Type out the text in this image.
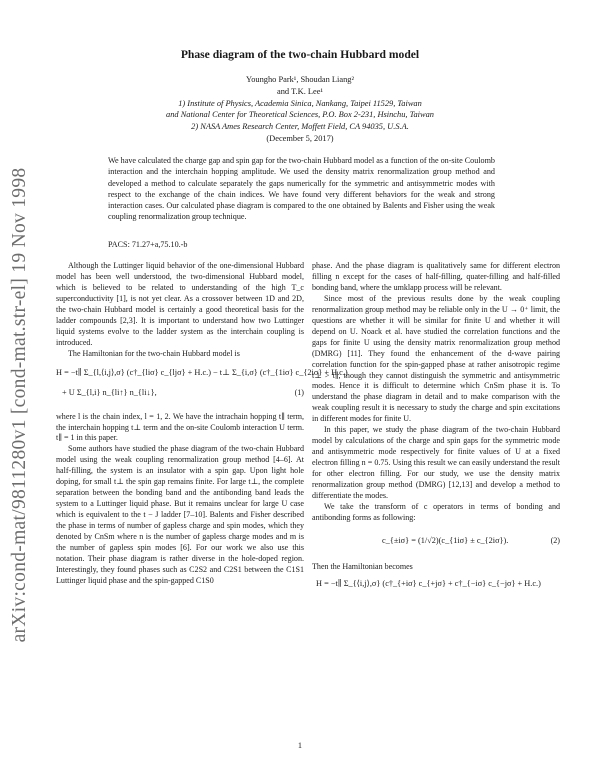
arXiv:cond-mat/9811280v1 [cond-mat.str-el] 19 Nov 1998
Phase diagram of the two-chain Hubbard model
Youngho Park¹, Shoudan Liang²
and T.K. Lee¹
1) Institute of Physics, Academia Sinica, Nankang, Taipei 11529, Taiwan
and National Center for Theoretical Sciences, P.O. Box 2-231, Hsinchu, Taiwan
2) NASA Ames Research Center, Moffett Field, CA 94035, U.S.A.
(December 5, 2017)
We have calculated the charge gap and spin gap for the two-chain Hubbard model as a function of the on-site Coulomb interaction and the interchain hopping amplitude. We used the density matrix renormalization group method and developed a method to calculate separately the gaps numerically for the symmetric and antisymmetric modes with respect to the exchange of the chain indices. We have found very different behaviors for the weak and strong interaction cases. Our calculated phase diagram is compared to the one obtained by Balents and Fisher using the weak coupling renormalization group technique.
PACS: 71.27+a,75.10.-b

Although the Luttinger liquid behavior of the one-dimensional Hubbard model has been well understood, the two-dimensional Hubbard model, which is believed to be related to understanding of the high T_c superconductivity [1], is not yet clear. As a crossover between 1D and 2D, the two-chain Hubbard model is certainly a good theoretical basis for the ladder compounds [2,3]. It is important to understand how two Luttinger liquid systems evolve to the ladder system as the interchain coupling is introduced.

The Hamiltonian for the two-chain Hubbard model is

H = −t∥ Σ_{l,⟨i,j⟩,σ} (c†_{liσ} c_{ljσ} + H.c.) − t⊥ Σ_{i,σ} (c†_{1iσ} c_{2iσ} + H.c.)
+ U Σ_{l,i} n_{li↑} n_{li↓},	(1)

where l is the chain index, l = 1, 2. We have the intrachain hopping t∥ term, the interchain hopping t⊥ term and the on-site Coulomb interaction U term. t∥ = 1 in this paper.

Some authors have studied the phase diagram of the two-chain Hubbard model using the weak coupling renormalization group method [4–6]. At half-filling, the system is an insulator with a spin gap. Upon light hole doping, for small t⊥ the spin gap remains finite. For large t⊥, the complete separation between the bonding band and the antibonding band leads the system to a Luttinger liquid phase. But it remains unclear for large U case which is equivalent to the t − J ladder [7–10]. Balents and Fisher described the phase in terms of number of gapless charge and spin modes, which they denoted by CnSm where n is the number of gapless charge modes and m is the number of gapless spin modes [6]. For our work we also use this notation. Their phase diagram is rather diverse in the hole-doped region. Interestingly, they found phases such as C2S2 and C2S1 between the C1S1 Luttinger liquid phase and the spin-gapped C1S0

phase. And the phase diagram is qualitatively same for different electron filling n except for the cases of half-filling, quater-filling and half-filled bonding band, where the umklapp process will be relevant.

Since most of the previous results done by the weak coupling renormalization group method may be reliable only in the U → 0⁺ limit, the questions are whether it will be similar for finite U and whether it will depend on U. Noack et al. have studied the correlation functions and the gaps for finite U using the density matrix renormalization group method (DMRG) [11]. They found the enhancement of the d-wave pairing correlation function for the spin-gapped phase at rather anisotropic regime t⊥ > t∥, though they cannot distinguish the symmetric and antisymmetric modes. Hence it is difficult to determine which CnSm phase it is. To understand the phase diagram in detail and to make comparison with the weak coupling result it is necessary to study the charge and spin excitations in different modes for finite U.

In this paper, we study the phase diagram of the two-chain Hubbard model by calculations of the charge and spin gaps for the symmetric mode and antisymmetric mode respectively for finite values of U at a fixed electron filling n = 0.75. Using this result we can easily understand the result for other electron filling. For our study, we use the density matrix renormalization group method (DMRG) [12,13] and develop a method to differentiate the modes.

We take the transform of c operators in terms of bonding and antibonding forms as following:

c_{±iσ} = (1/√2)(c_{1iσ} ± c_{2iσ}).	(2)

Then the Hamiltonian becomes

H = −t∥ Σ_{⟨i,j⟩,σ} (c†_{+iσ} c_{+jσ} + c†_{−iσ} c_{−jσ} + H.c.)
1
